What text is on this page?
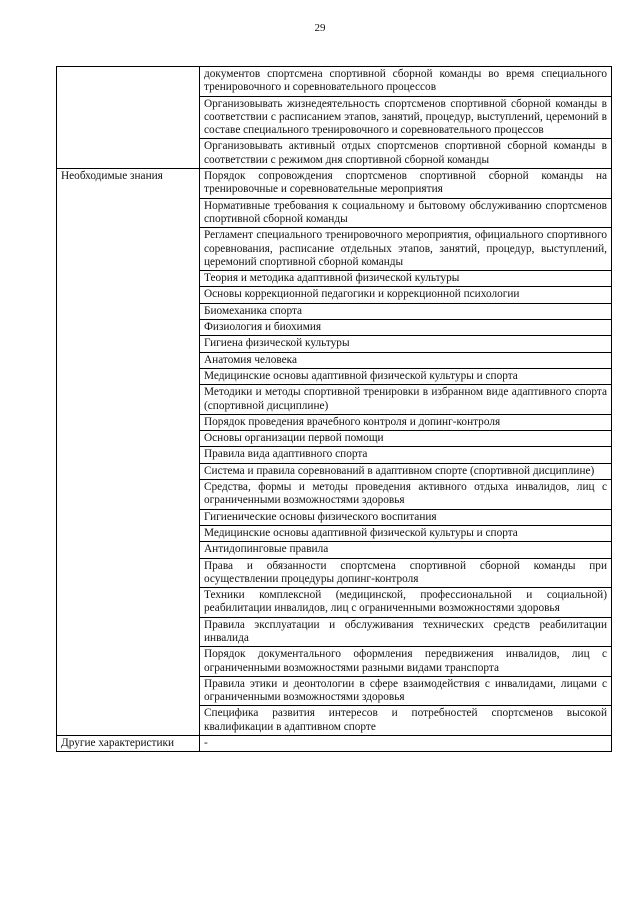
29
	документов спортсмена спортивной сборной команды во время специального тренировочного и соревновательного процессов
	Организовывать жизнедеятельность спортсменов спортивной сборной команды в соответствии с расписанием этапов, занятий, процедур, выступлений, церемоний в составе специального тренировочного и соревновательного процессов
	Организовывать активный отдых спортсменов спортивной сборной команды в соответствии с режимом дня спортивной сборной команды
Необходимые знания	Порядок сопровождения спортсменов спортивной сборной команды на тренировочные и соревновательные мероприятия
	Нормативные требования к социальному и бытовому обслуживанию спортсменов спортивной сборной команды
	Регламент специального тренировочного мероприятия, официального спортивного соревнования, расписание отдельных этапов, занятий, процедур, выступлений, церемоний спортивной сборной команды
	Теория и методика адаптивной физической культуры
	Основы коррекционной педагогики и коррекционной психологии
	Биомеханика спорта
	Физиология и биохимия
	Гигиена физической культуры
	Анатомия человека
	Медицинские основы адаптивной физической культуры и спорта
	Методики и методы спортивной тренировки в избранном виде адаптивного спорта (спортивной дисциплине)
	Порядок проведения врачебного контроля и допинг-контроля
	Основы организации первой помощи
	Правила вида адаптивного спорта
	Система и правила соревнований в адаптивном спорте (спортивной дисциплине)
	Средства, формы и методы проведения активного отдыха инвалидов, лиц с ограниченными возможностями здоровья
	Гигиенические основы физического воспитания
	Медицинские основы адаптивной физической культуры и спорта
	Антидопинговые правила
	Права и обязанности спортсмена спортивной сборной команды при осуществлении процедуры допинг-контроля
	Техники комплексной (медицинской, профессиональной и социальной) реабилитации инвалидов, лиц с ограниченными возможностями здоровья
	Правила эксплуатации и обслуживания технических средств реабилитации инвалида
	Порядок документального оформления передвижения инвалидов, лиц с ограниченными возможностями разными видами транспорта
	Правила этики и деонтологии в сфере взаимодействия с инвалидами, лицами с ограниченными возможностями здоровья
	Специфика развития интересов и потребностей спортсменов высокой квалификации в адаптивном спорте
Другие характеристики	-
